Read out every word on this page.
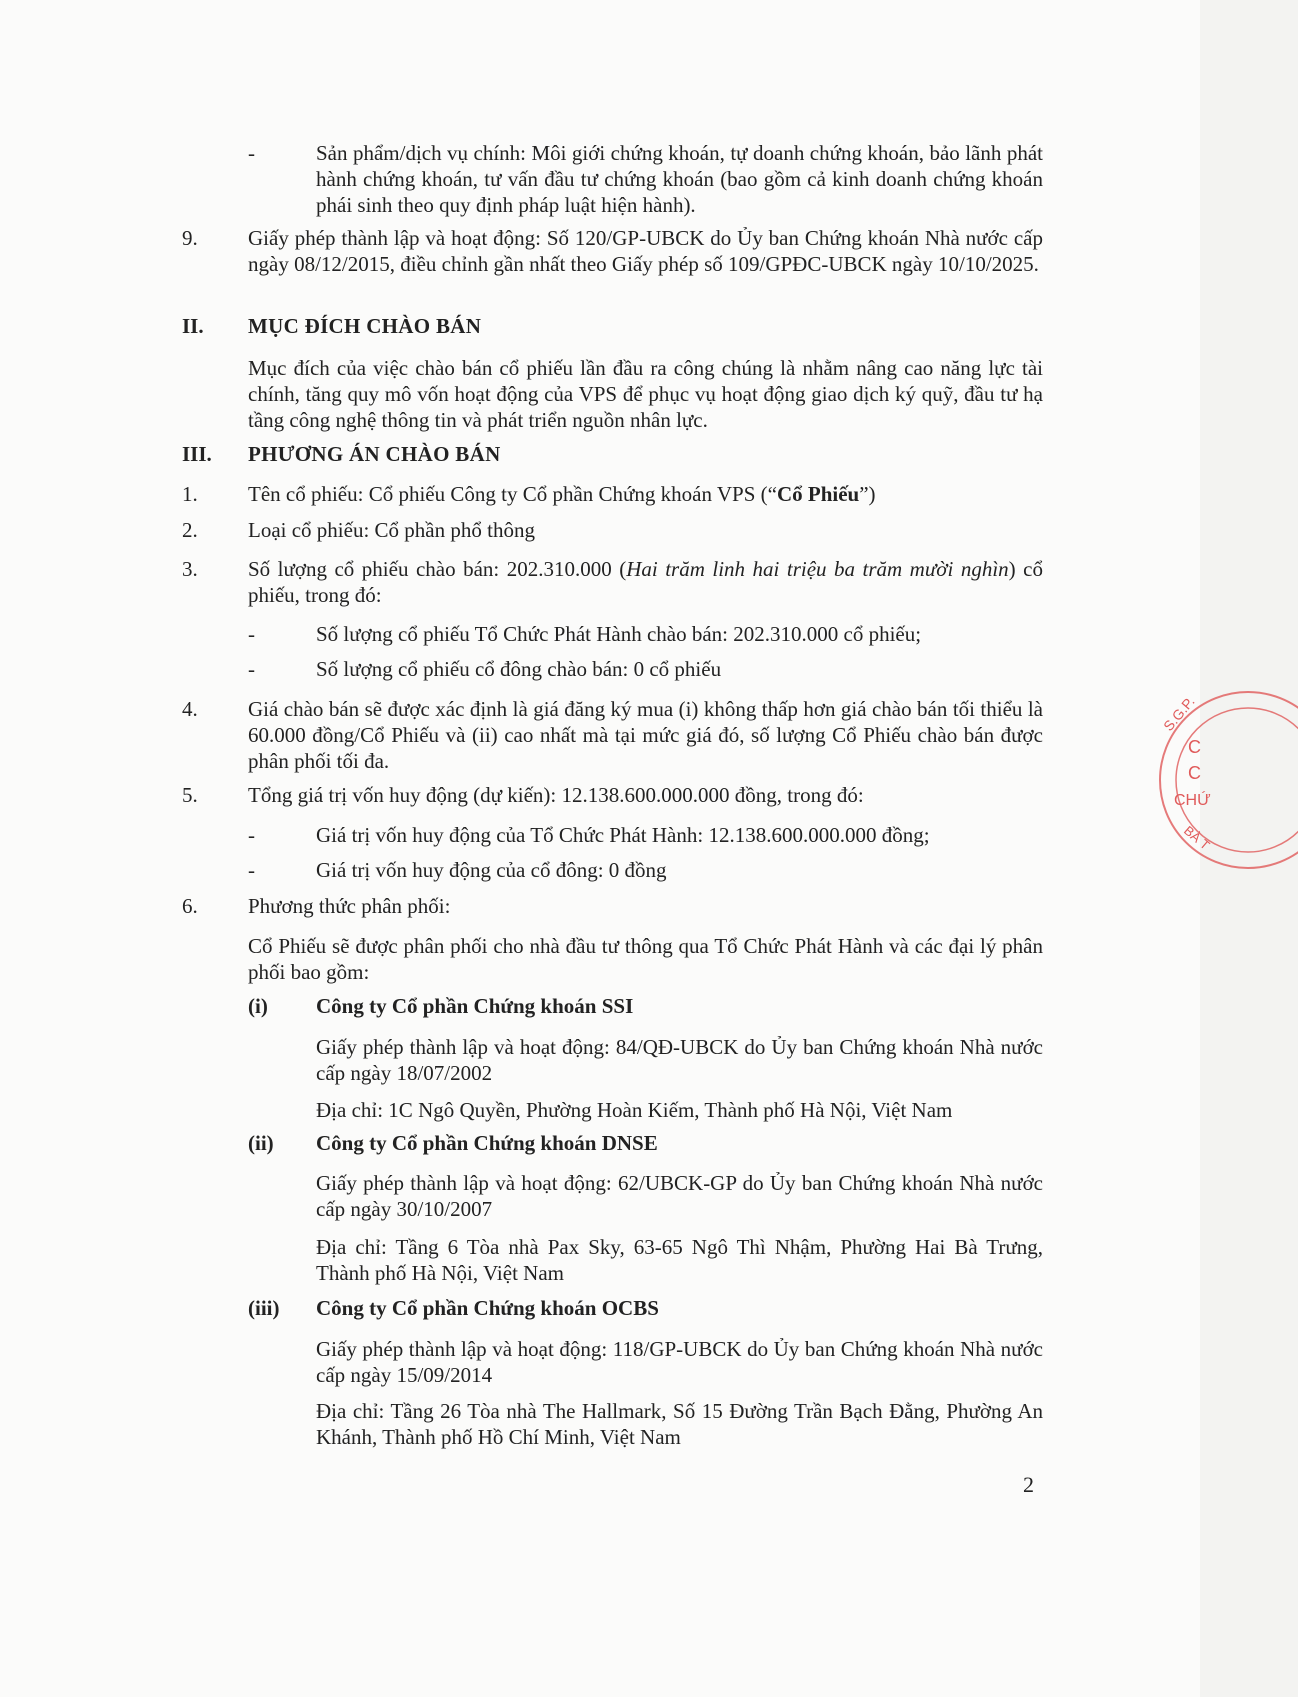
-	Sản phẩm/dịch vụ chính: Môi giới chứng khoán, tự doanh chứng khoán, bảo lãnh phát hành chứng khoán, tư vấn đầu tư chứng khoán (bao gồm cả kinh doanh chứng khoán phái sinh theo quy định pháp luật hiện hành).
9. Giấy phép thành lập và hoạt động: Số 120/GP-UBCK do Ủy ban Chứng khoán Nhà nước cấp ngày 08/12/2015, điều chỉnh gần nhất theo Giấy phép số 109/GPĐC-UBCK ngày 10/10/2025.
II. MỤC ĐÍCH CHÀO BÁN
Mục đích của việc chào bán cổ phiếu lần đầu ra công chúng là nhằm nâng cao năng lực tài chính, tăng quy mô vốn hoạt động của VPS để phục vụ hoạt động giao dịch ký quỹ, đầu tư hạ tầng công nghệ thông tin và phát triển nguồn nhân lực.
III. PHƯƠNG ÁN CHÀO BÁN
1. Tên cổ phiếu: Cổ phiếu Công ty Cổ phần Chứng khoán VPS (“Cổ Phiếu”)
2. Loại cổ phiếu: Cổ phần phổ thông
3. Số lượng cổ phiếu chào bán: 202.310.000 (Hai trăm linh hai triệu ba trăm mười nghìn) cổ phiếu, trong đó:
-	Số lượng cổ phiếu Tổ Chức Phát Hành chào bán: 202.310.000 cổ phiếu;
-	Số lượng cổ phiếu cổ đông chào bán: 0 cổ phiếu
4. Giá chào bán sẽ được xác định là giá đăng ký mua (i) không thấp hơn giá chào bán tối thiểu là 60.000 đồng/Cổ Phiếu và (ii) cao nhất mà tại mức giá đó, số lượng Cổ Phiếu chào bán được phân phối tối đa.
5. Tổng giá trị vốn huy động (dự kiến): 12.138.600.000.000 đồng, trong đó:
-	Giá trị vốn huy động của Tổ Chức Phát Hành: 12.138.600.000.000 đồng;
-	Giá trị vốn huy động của cổ đông: 0 đồng
6. Phương thức phân phối:
Cổ Phiếu sẽ được phân phối cho nhà đầu tư thông qua Tổ Chức Phát Hành và các đại lý phân phối bao gồm:
(i) Công ty Cổ phần Chứng khoán SSI
Giấy phép thành lập và hoạt động: 84/QĐ-UBCK do Ủy ban Chứng khoán Nhà nước cấp ngày 18/07/2002
Địa chỉ: 1C Ngô Quyền, Phường Hoàn Kiếm, Thành phố Hà Nội, Việt Nam
(ii) Công ty Cổ phần Chứng khoán DNSE
Giấy phép thành lập và hoạt động: 62/UBCK-GP do Ủy ban Chứng khoán Nhà nước cấp ngày 30/10/2007
Địa chỉ: Tầng 6 Tòa nhà Pax Sky, 63-65 Ngô Thì Nhậm, Phường Hai Bà Trưng, Thành phố Hà Nội, Việt Nam
(iii) Công ty Cổ phần Chứng khoán OCBS
Giấy phép thành lập và hoạt động: 118/GP-UBCK do Ủy ban Chứng khoán Nhà nước cấp ngày 15/09/2014
Địa chỉ: Tầng 26 Tòa nhà The Hallmark, Số 15 Đường Trần Bạch Đằng, Phường An Khánh, Thành phố Hồ Chí Minh, Việt Nam
2
S.G.P.
C
C
CHỨ
BÀ T
